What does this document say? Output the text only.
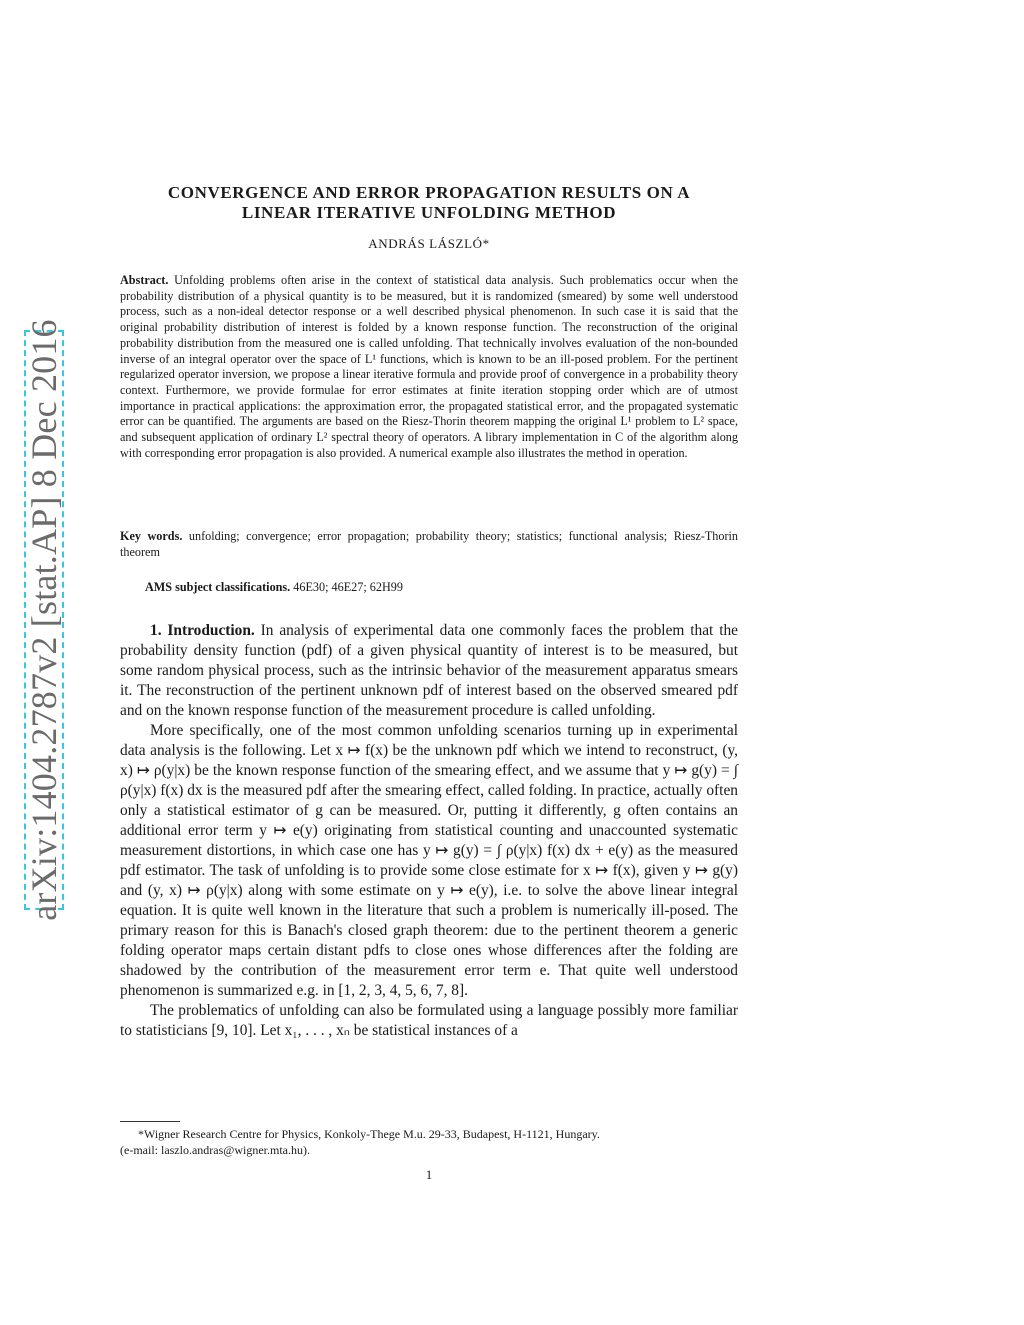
arXiv:1404.2787v2 [stat.AP] 8 Dec 2016
CONVERGENCE AND ERROR PROPAGATION RESULTS ON A
LINEAR ITERATIVE UNFOLDING METHOD
ANDRÁS LÁSZLÓ*
Abstract. Unfolding problems often arise in the context of statistical data analysis. Such problematics occur when the probability distribution of a physical quantity is to be measured, but it is randomized (smeared) by some well understood process, such as a non-ideal detector response or a well described physical phenomenon. In such case it is said that the original probability distribution of interest is folded by a known response function. The reconstruction of the original probability distribution from the measured one is called unfolding. That technically involves evaluation of the non-bounded inverse of an integral operator over the space of L¹ functions, which is known to be an ill-posed problem. For the pertinent regularized operator inversion, we propose a linear iterative formula and provide proof of convergence in a probability theory context. Furthermore, we provide formulae for error estimates at finite iteration stopping order which are of utmost importance in practical applications: the approximation error, the propagated statistical error, and the propagated systematic error can be quantified. The arguments are based on the Riesz-Thorin theorem mapping the original L¹ problem to L² space, and subsequent application of ordinary L² spectral theory of operators. A library implementation in C of the algorithm along with corresponding error propagation is also provided. A numerical example also illustrates the method in operation.
Key words. unfolding; convergence; error propagation; probability theory; statistics; functional analysis; Riesz-Thorin theorem
AMS subject classifications. 46E30; 46E27; 62H99

1. Introduction. In analysis of experimental data one commonly faces the problem that the probability density function (pdf) of a given physical quantity of interest is to be measured, but some random physical process, such as the intrinsic behavior of the measurement apparatus smears it. The reconstruction of the pertinent unknown pdf of interest based on the observed smeared pdf and on the known response function of the measurement procedure is called unfolding.

More specifically, one of the most common unfolding scenarios turning up in experimental data analysis is the following. Let x ↦ f(x) be the unknown pdf which we intend to reconstruct, (y, x) ↦ ρ(y|x) be the known response function of the smearing effect, and we assume that y ↦ g(y) = ∫ ρ(y|x) f(x) dx is the measured pdf after the smearing effect, called folding. In practice, actually often only a statistical estimator of g can be measured. Or, putting it differently, g often contains an additional error term y ↦ e(y) originating from statistical counting and unaccounted systematic measurement distortions, in which case one has y ↦ g(y) = ∫ ρ(y|x) f(x) dx + e(y) as the measured pdf estimator. The task of unfolding is to provide some close estimate for x ↦ f(x), given y ↦ g(y) and (y, x) ↦ ρ(y|x) along with some estimate on y ↦ e(y), i.e. to solve the above linear integral equation. It is quite well known in the literature that such a problem is numerically ill-posed. The primary reason for this is Banach's closed graph theorem: due to the pertinent theorem a generic folding operator maps certain distant pdfs to close ones whose differences after the folding are shadowed by the contribution of the measurement error term e. That quite well understood phenomenon is summarized e.g. in [1, 2, 3, 4, 5, 6, 7, 8].

The problematics of unfolding can also be formulated using a language possibly more familiar to statisticians [9, 10]. Let x₁, . . . , xₙ be statistical instances of a

*Wigner Research Centre for Physics, Konkoly-Thege M.u. 29-33, Budapest, H-1121, Hungary.

(e-mail: laszlo.andras@wigner.mta.hu).
1
